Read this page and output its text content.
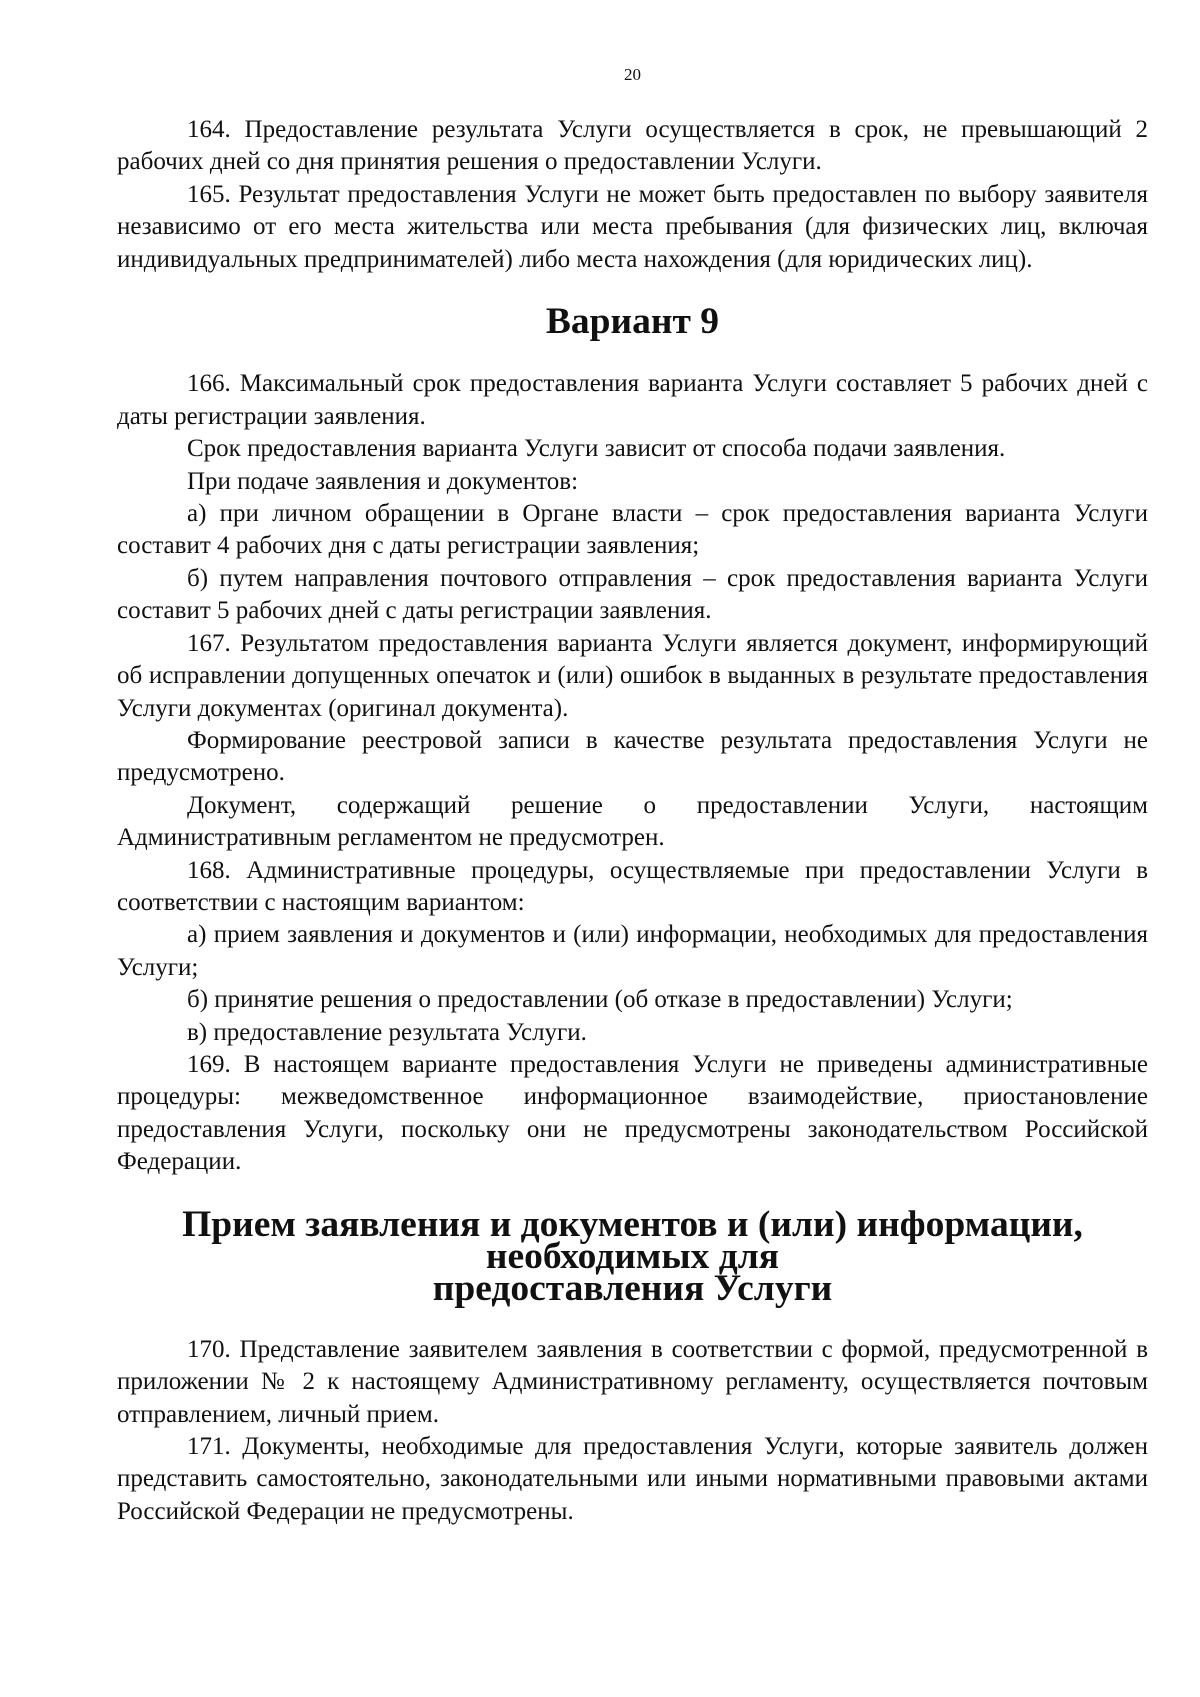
20

164. Предоставление результата Услуги осуществляется в срок, не превышающий 2 рабочих дней со дня принятия решения о предоставлении Услуги.

165. Результат предоставления Услуги не может быть предоставлен по выбору заявителя независимо от его места жительства или места пребывания (для физических лиц, включая индивидуальных предпринимателей) либо места нахождения (для юридических лиц).

Вариант 9

166. Максимальный срок предоставления варианта Услуги составляет 5 рабочих дней с даты регистрации заявления.

Срок предоставления варианта Услуги зависит от способа подачи заявления.

При подаче заявления и документов:

а) при личном обращении в Органе власти – срок предоставления варианта Услуги составит 4 рабочих дня с даты регистрации заявления;

б) путем направления почтового отправления – срок предоставления варианта Услуги составит 5 рабочих дней с даты регистрации заявления.

167. Результатом предоставления варианта Услуги является документ, информирующий об исправлении допущенных опечаток и (или) ошибок в выданных в результате предоставления Услуги документах (оригинал документа).

Формирование реестровой записи в качестве результата предоставления Услуги не предусмотрено.

Документ, содержащий решение о предоставлении Услуги, настоящим Административным регламентом не предусмотрен.

168. Административные процедуры, осуществляемые при предоставлении Услуги в соответствии с настоящим вариантом:

а) прием заявления и документов и (или) информации, необходимых для предоставления Услуги;

б) принятие решения о предоставлении (об отказе в предоставлении) Услуги;

в) предоставление результата Услуги.

169. В настоящем варианте предоставления Услуги не приведены административные процедуры: межведомственное информационное взаимодействие, приостановление предоставления Услуги, поскольку они не предусмотрены законодательством Российской Федерации.

Прием заявления и документов и (или) информации, необходимых для
предоставления Услуги

170. Представление заявителем заявления в соответствии с формой, предусмотренной в приложении № 2 к настоящему Административному регламенту, осуществляется почтовым отправлением, личный прием.

171. Документы, необходимые для предоставления Услуги, которые заявитель должен представить самостоятельно, законодательными или иными нормативными правовыми актами Российской Федерации не предусмотрены.
